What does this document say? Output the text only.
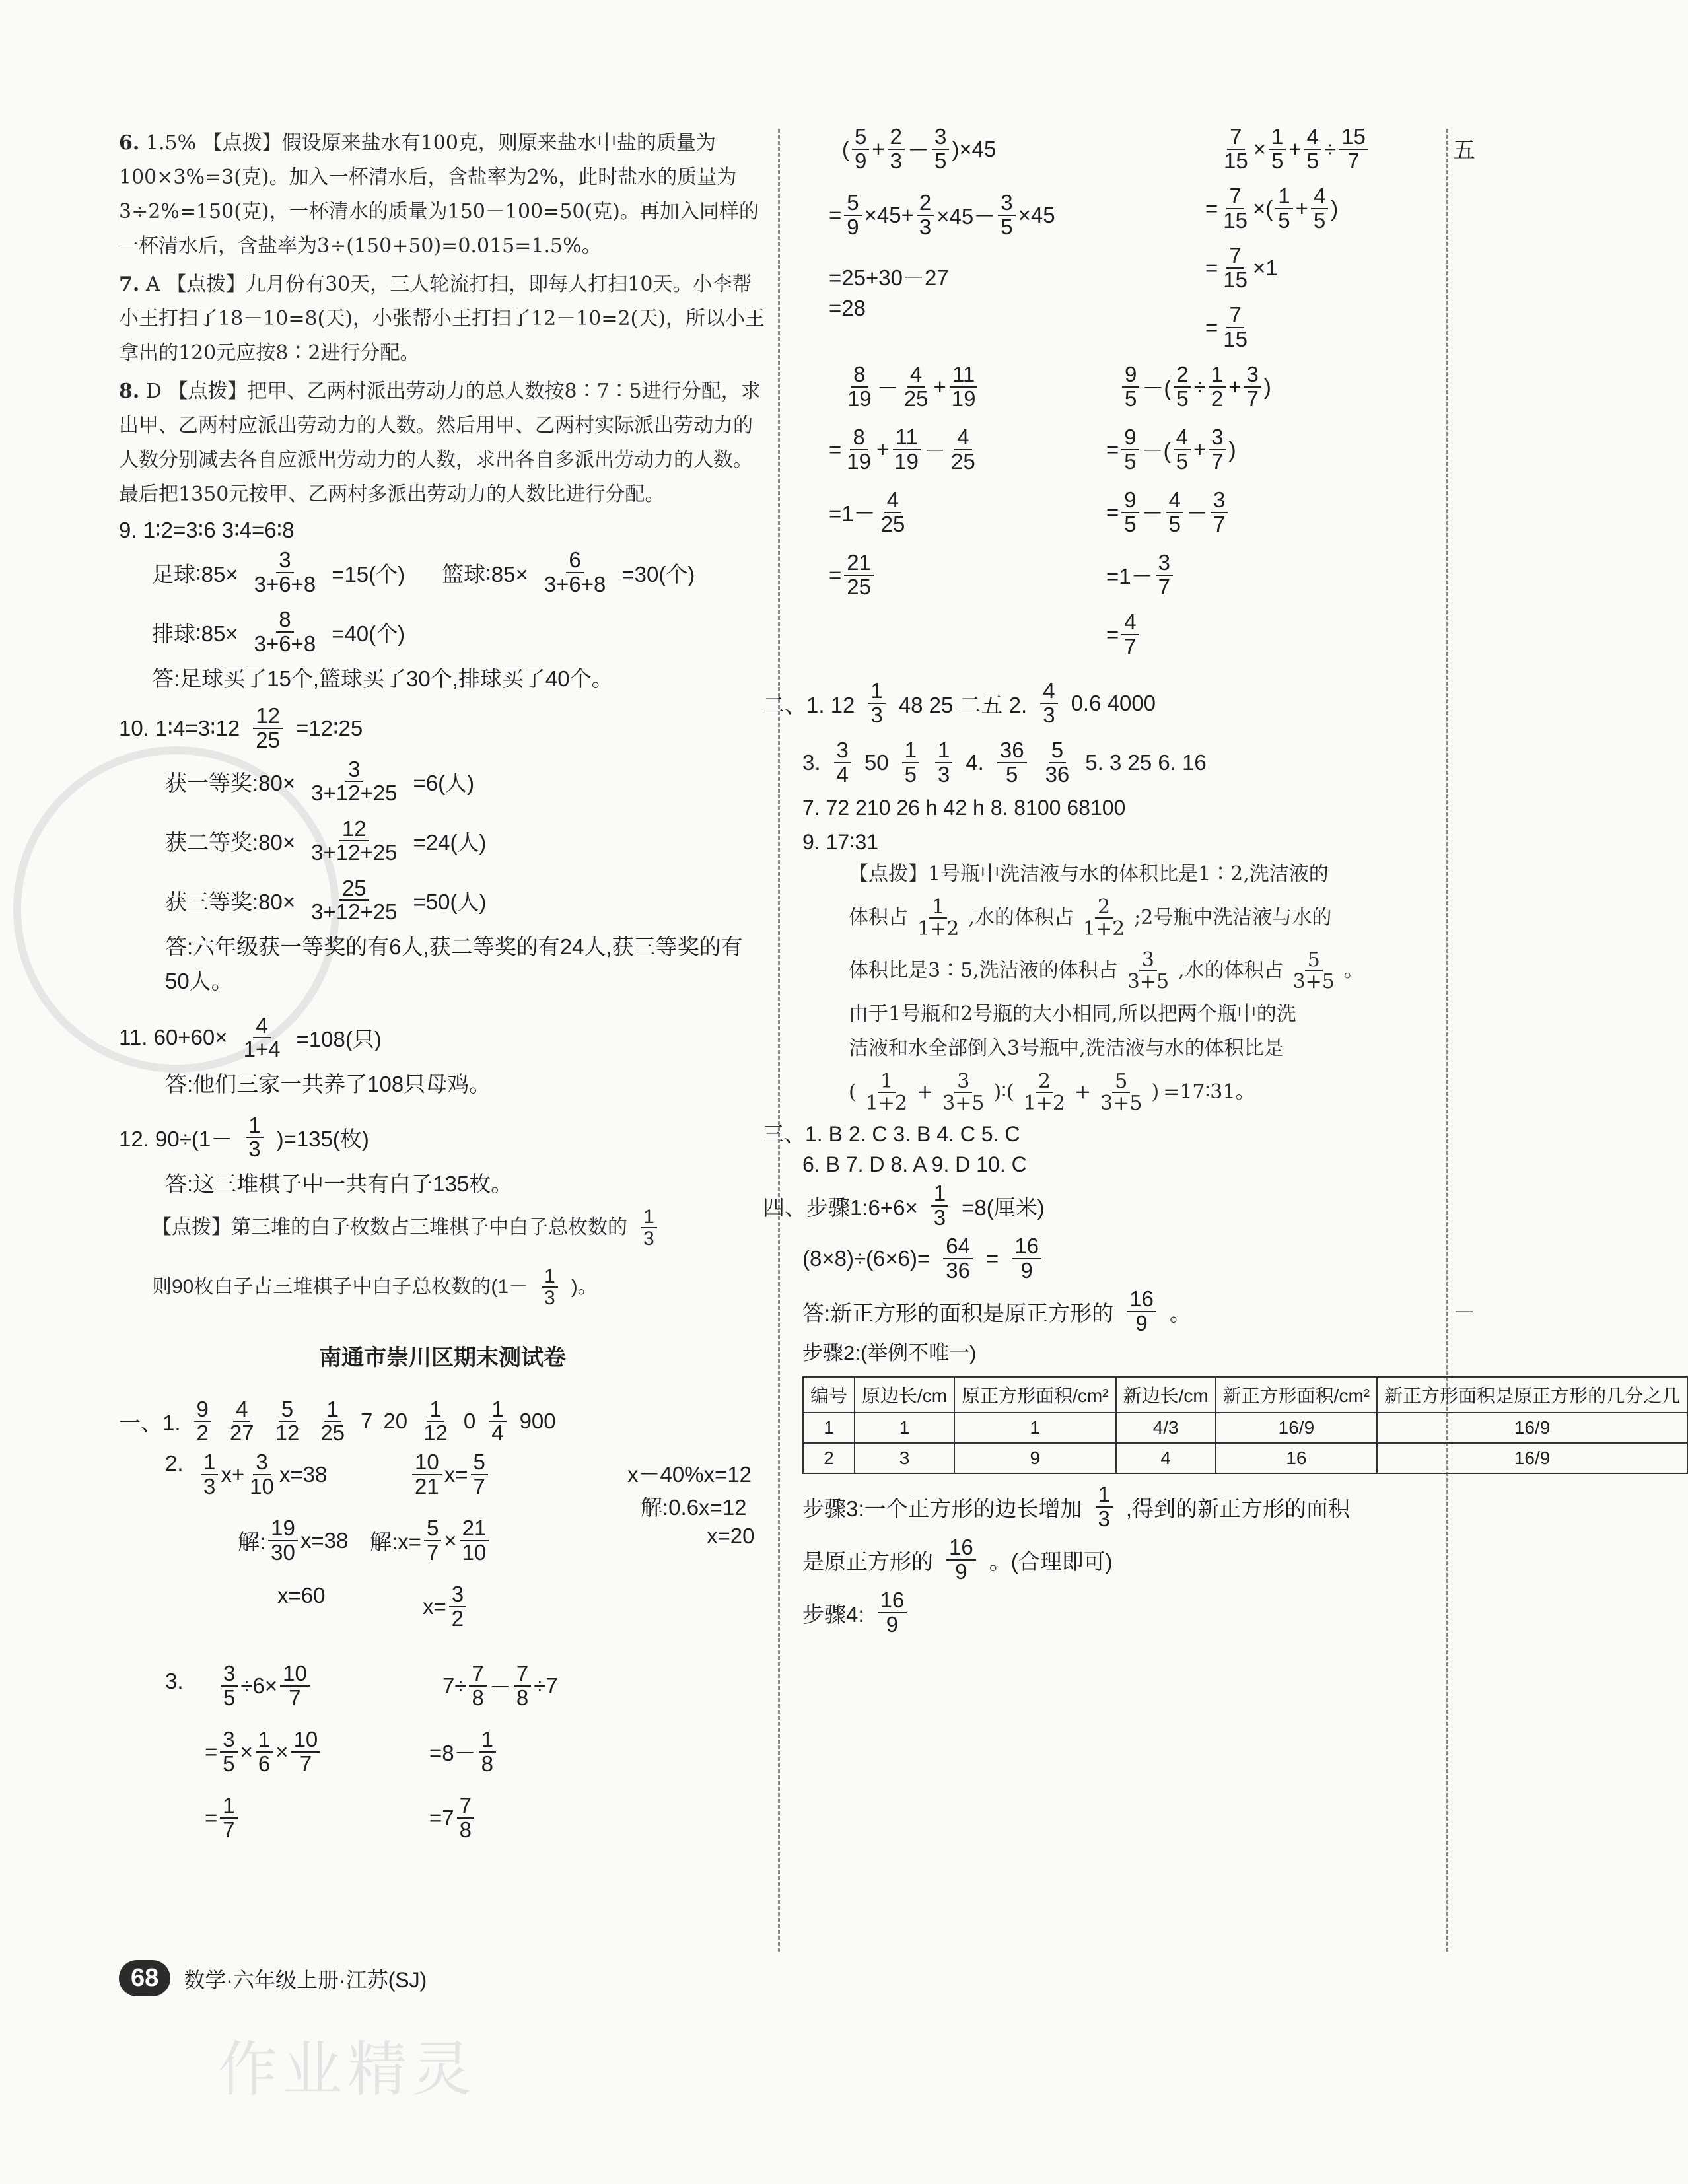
五
－
6. 1.5% 【点拨】假设原来盐水有100克，则原来盐水中盐的质量为100×3%=3(克)。加入一杯清水后，含盐率为2%，此时盐水的质量为3÷2%=150(克)，一杯清水的质量为150－100=50(克)。再加入同样的一杯清水后，含盐率为3÷(150+50)=0.015=1.5%。
7. A 【点拨】九月份有30天，三人轮流打扫，即每人打扫10天。小李帮小王打扫了18－10=8(天)，小张帮小王打扫了12－10=2(天)，所以小王拿出的120元应按8∶2进行分配。
8. D 【点拨】把甲、乙两村派出劳动力的总人数按8∶7∶5进行分配，求出甲、乙两村应派出劳动力的人数。然后用甲、乙两村实际派出劳动力的人数分别减去各自应派出劳动力的人数，求出各自多派出劳动力的人数。最后把1350元按甲、乙两村多派出劳动力的人数比进行分配。
9. 1∶2=3∶6 3∶4=6∶8
足球∶85× $\frac{3}{3+6+8} =15$(个) 篮球∶85× $\frac{6}{3+6+8} =30$(个)
排球∶85× $\frac{8}{3+6+8} =40$(个)
答:足球买了15个,篮球买了30个,排球买了40个。
10. 1∶4=3∶12 $\frac{12}{25}$ =12∶25
获一等奖:80× $\frac{3}{3+12+25} =6$(人)
获二等奖:80× $\frac{12}{3+12+25} =24$(人)
获三等奖:80× $\frac{25}{3+12+25} =50$(人)
答:六年级获一等奖的有6人,获二等奖的有24人,获三等奖的有50人。
11. $60+60\times \frac{4}{1+4} =108$(只)
答:他们三家一共养了108只母鸡。
12. $90\div(1- \frac{1}{3} )=135$(枚)
答:这三堆棋子中一共有白子135枚。
【点拨】第三堆的白子枚数占三堆棋子中白子总枚数的 $\frac{1}{3}$
则90枚白子占三堆棋子中白子总枚数的($1- \frac{1}{3}$ )。
南通市崇川区期末测试卷
一、1. $\frac{9}{2} \frac{4}{27} \frac{5}{12} \frac{1}{25} 7$ $20 \frac{1}{12} 0 \frac{1}{4} 900$
2. $\frac{1}{3} x+ \frac{3}{10} x=38$
解: $\frac{19}{30} x=38$
x=60
$\frac{10}{21} x= \frac{5}{7}$
解:x= $\frac{5}{7} \times \frac{21}{10}$
$x= \frac{3}{2}$
x－40%x=12
解:0.6x=12
x=20
3. $\frac{3}{5} \div 6\times \frac{10}{7}$
= $\frac{3}{5} \times \frac{1}{6} \times \frac{10}{7}$
= $\frac{1}{7}$
$7\div \frac{7}{8} - \frac{7}{8} \div 7$
$=8- \frac{1}{8}$
$=7 \frac{7}{8}$
( $\frac{5}{9} + \frac{2}{3} - \frac{3}{5} )\times 45$
= $\frac{5}{9} \times 45+ \frac{2}{3} \times 45- \frac{3}{5} \times 45$
=25+30－27
=28
$\frac{7}{15} \times \frac{1}{5} + \frac{4}{5} \div \frac{15}{7}$
= $\frac{7}{15}$ ×( $\frac{1}{5} + \frac{4}{5}$ )
= $\frac{7}{15} \times 1$
= $\frac{7}{15}$
$\frac{8}{19} - \frac{4}{25} + \frac{11}{19}$
= $\frac{8}{19} + \frac{11}{19} - \frac{4}{25}$
$=1- \frac{4}{25}$
= $\frac{21}{25}$
$\frac{9}{5}$ －( $\frac{2}{5} \div \frac{1}{2} + \frac{3}{7}$ )
= $\frac{9}{5}$ －( $\frac{4}{5} + \frac{3}{7}$ )
= $\frac{9}{5} - \frac{4}{5} - \frac{3}{7}$
$=1- \frac{3}{7}$
= $\frac{4}{7}$
二、1. $12 \frac{1}{3} 48$ 25 二五 2. $\frac{4}{3} 0.6$ 4000
3. $\frac{3}{4} 50 \frac{1}{5} \frac{1}{3} 4$. $\frac{36}{5} \frac{5}{36} 5$. 3 25 6. 16
7. 72 210 26 h 42 h 8. 8100 68100
9. 17∶31
【点拨】1号瓶中洗洁液与水的体积比是1∶2,洗洁液的
体积占 $\frac{1}{1+2}$ ,水的体积占 $\frac{2}{1+2}$ ;2号瓶中洗洁液与水的
体积比是3∶5,洗洁液的体积占 $\frac{3}{3+5}$ ,水的体积占 $\frac{5}{3+5}$ 。
由于1号瓶和2号瓶的大小相同,所以把两个瓶中的洗
洁液和水全部倒入3号瓶中,洗洁液与水的体积比是
( $\frac{1}{1+2} + \frac{3}{3+5}$ )∶( $\frac{2}{1+2} + \frac{5}{3+5}$ ) =17∶31。
三、1. B 2. C 3. B 4. C 5. C
6. B 7. D 8. A 9. D 10. C
四、步骤1:6+6× $\frac{1}{3} =8$(厘米)
$(8\times 8)\div(6\times 6)= \frac{64}{36} = \frac{16}{9}$
答:新正方形的面积是原正方形的 $\frac{16}{9}$ 。
步骤2:(举例不唯一)
编号	原边长/cm	原正方形面积/cm²	新边长/cm	新正方形面积/cm²	新正方形面积是原正方形的几分之几
1	1	1	4/3	16/9	16/9
2	3	9	4	16	16/9
步骤3:一个正方形的边长增加 $\frac{1}{3}$ ,得到的新正方形的面积
是原正方形的 $\frac{16}{9}$ 。(合理即可)
步骤4: $\frac{16}{9}$
68	数学·六年级上册·江苏(SJ)
作业精灵
